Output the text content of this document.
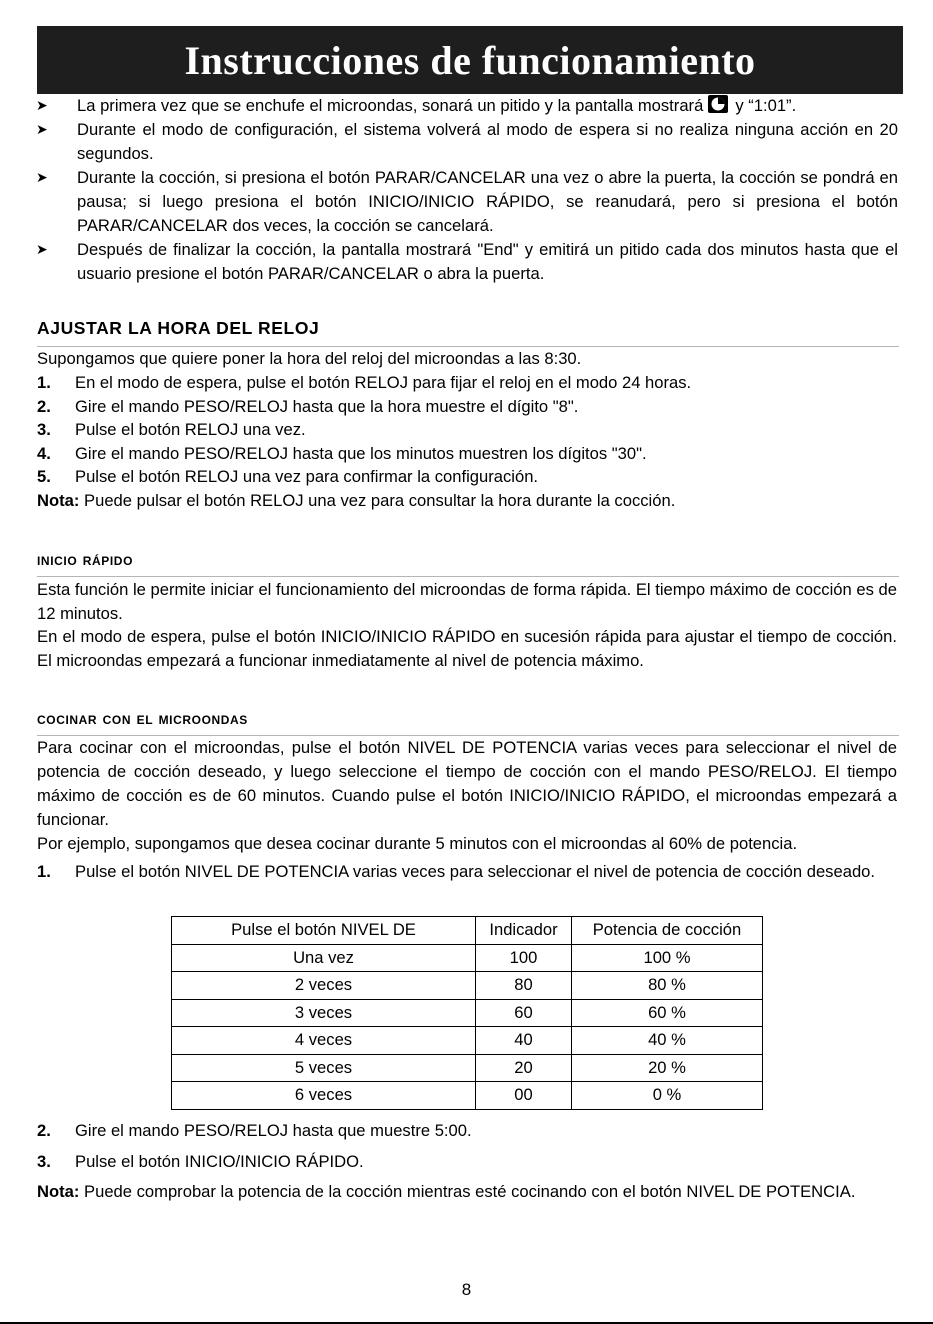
Instrucciones de funcionamiento
➤	La primera vez que se enchufe el microondas, sonará un pitido y la pantalla mostrará y “1:01”.
➤	Durante el modo de configuración, el sistema volverá al modo de espera si no realiza ninguna acción en 20 segundos.
➤	Durante la cocción, si presiona el botón PARAR/CANCELAR una vez o abre la puerta, la cocción se pondrá en pausa; si luego presiona el botón INICIO/INICIO RÁPIDO, se reanudará, pero si presiona el botón PARAR/CANCELAR dos veces, la cocción se cancelará.
➤	Después de finalizar la cocción, la pantalla mostrará "End" y emitirá un pitido cada dos minutos hasta que el usuario presione el botón PARAR/CANCELAR o abra la puerta.
AJUSTAR LA HORA DEL RELOJ

Supongamos que quiere poner la hora del reloj del microondas a las 8:30.

1. En el modo de espera, pulse el botón RELOJ para fijar el reloj en el modo 24 horas.
2. Gire el mando PESO/RELOJ hasta que la hora muestre el dígito "8".
3. Pulse el botón RELOJ una vez.
4. Gire el mando PESO/RELOJ hasta que los minutos muestren los dígitos "30".
5. Pulse el botón RELOJ una vez para confirmar la configuración.

Nota: Puede pulsar el botón RELOJ una vez para consultar la hora durante la cocción.

inicio rápido

Esta función le permite iniciar el funcionamiento del microondas de forma rápida. El tiempo máximo de cocción es de 12 minutos.

En el modo de espera, pulse el botón INICIO/INICIO RÁPIDO en sucesión rápida para ajustar el tiempo de cocción. El microondas empezará a funcionar inmediatamente al nivel de potencia máximo.

cocinar con el microondas

Para cocinar con el microondas, pulse el botón NIVEL DE POTENCIA varias veces para seleccionar el nivel de potencia de cocción deseado, y luego seleccione el tiempo de cocción con el mando PESO/RELOJ. El tiempo máximo de cocción es de 60 minutos. Cuando pulse el botón INICIO/INICIO RÁPIDO, el microondas empezará a funcionar.

Por ejemplo, supongamos que desea cocinar durante 5 minutos con el microondas al 60% de potencia.

1. Pulse el botón NIVEL DE POTENCIA varias veces para seleccionar el nivel de potencia de cocción deseado.
Pulse el botón NIVEL DE	Indicador	Potencia de cocción
Una vez	100	100 %
2 veces	80	80 %
3 veces	60	60 %
4 veces	40	40 %
5 veces	20	20 %
6 veces	00	0 %
2. Gire el mando PESO/RELOJ hasta que muestre 5:00.
3. Pulse el botón INICIO/INICIO RÁPIDO.

Nota: Puede comprobar la potencia de la cocción mientras esté cocinando con el botón NIVEL DE POTENCIA.

8
